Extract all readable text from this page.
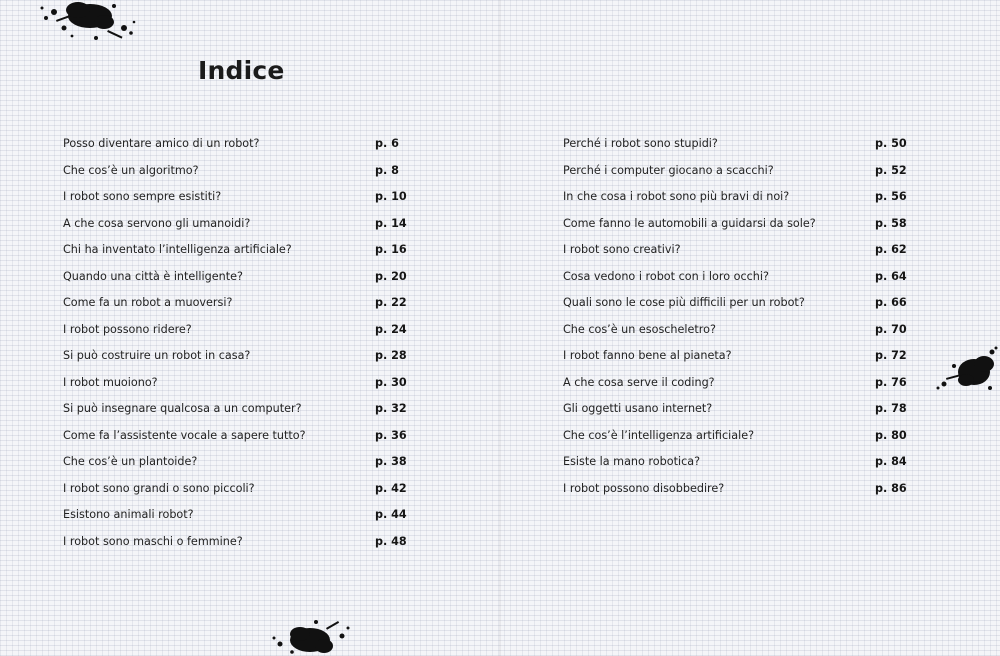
Indice
Posso diventare amico di un robot?	p. 6
Che cos’è un algoritmo?	p. 8
I robot sono sempre esistiti?	p. 10
A che cosa servono gli umanoidi?	p. 14
Chi ha inventato l’intelligenza artificiale?	p. 16
Quando una città è intelligente?	p. 20
Come fa un robot a muoversi?	p. 22
I robot possono ridere?	p. 24
Si può costruire un robot in casa?	p. 28
I robot muoiono?	p. 30
Si può insegnare qualcosa a un computer?	p. 32
Come fa l’assistente vocale a sapere tutto?	p. 36
Che cos’è un plantoide?	p. 38
I robot sono grandi o sono piccoli?	p. 42
Esistono animali robot?	p. 44
I robot sono maschi o femmine?	p. 48
Perché i robot sono stupidi?	p. 50
Perché i computer giocano a scacchi?	p. 52
In che cosa i robot sono più bravi di noi?	p. 56
Come fanno le automobili a guidarsi da sole?	p. 58
I robot sono creativi?	p. 62
Cosa vedono i robot con i loro occhi?	p. 64
Quali sono le cose più difficili per un robot?	p. 66
Che cos’è un esoscheletro?	p. 70
I robot fanno bene al pianeta?	p. 72
A che cosa serve il coding?	p. 76
Gli oggetti usano internet?	p. 78
Che cos’è l’intelligenza artificiale?	p. 80
Esiste la mano robotica?	p. 84
I robot possono disobbedire?	p. 86
